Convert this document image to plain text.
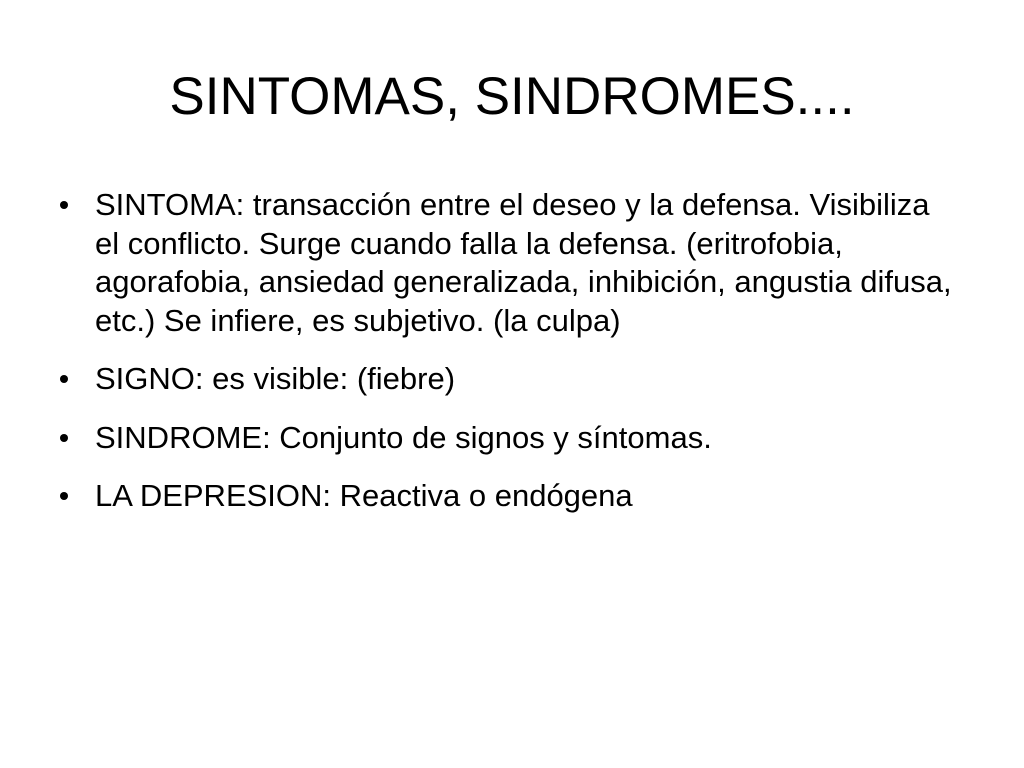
SINTOMAS, SINDROMES....
SINTOMA: transacción entre el deseo y la defensa. Visibiliza el conflicto. Surge cuando falla la defensa. (eritrofobia, agorafobia, ansiedad generalizada, inhibición, angustia difusa, etc.) Se infiere, es subjetivo. (la culpa)
SIGNO: es visible: (fiebre)
SINDROME: Conjunto de signos y síntomas.
LA DEPRESION: Reactiva o endógena
